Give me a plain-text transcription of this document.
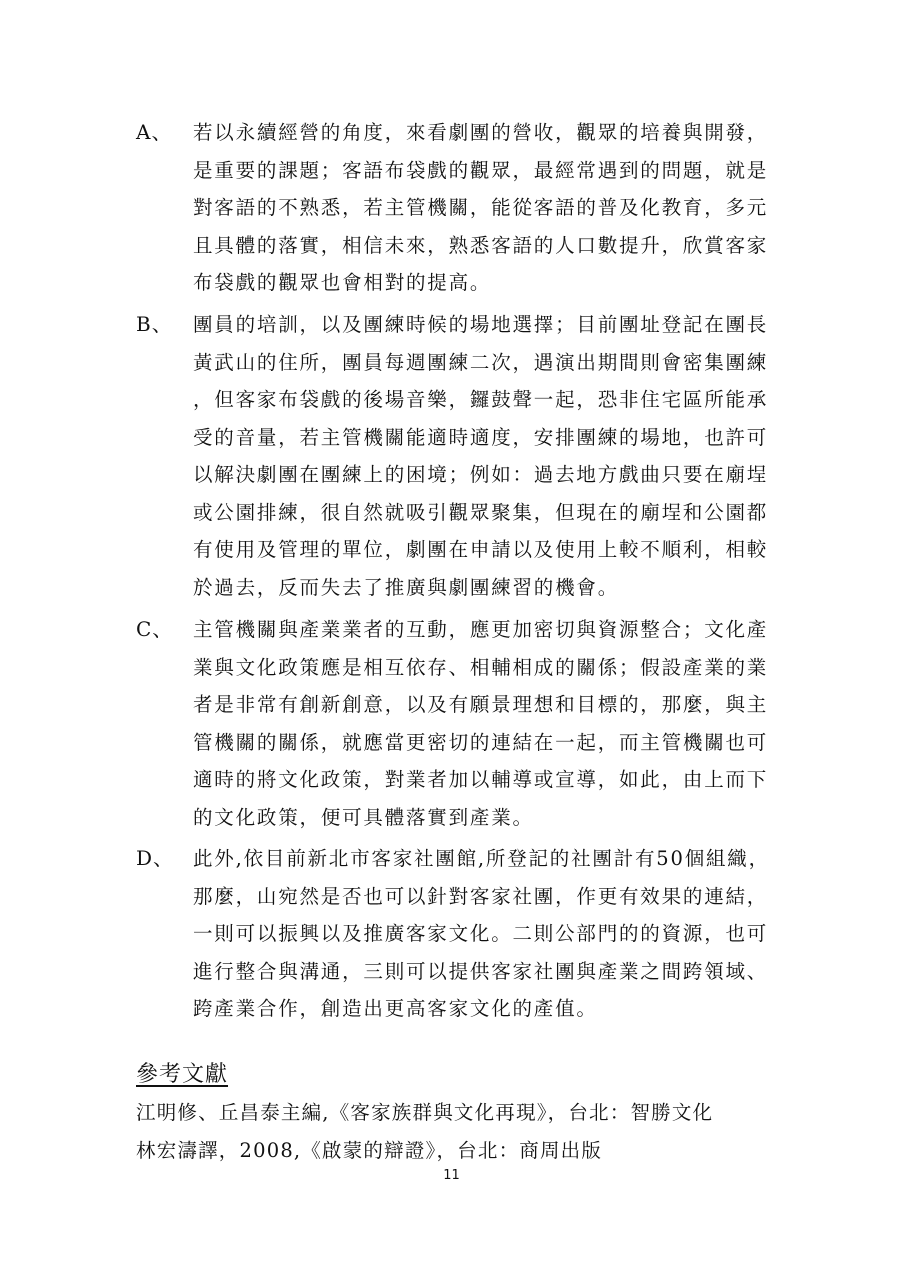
A、 若以永續經營的角度，來看劇團的營收，觀眾的培養與開發，
是重要的課題；客語布袋戲的觀眾，最經常遇到的問題，就是
對客語的不熟悉，若主管機關，能從客語的普及化教育，多元
且具體的落實，相信未來，熟悉客語的人口數提升，欣賞客家
布袋戲的觀眾也會相對的提高。
B、 團員的培訓，以及團練時候的場地選擇；目前團址登記在團長
黃武山的住所，團員每週團練二次，遇演出期間則會密集團練
，但客家布袋戲的後場音樂，鑼鼓聲一起，恐非住宅區所能承
受的音量，若主管機關能適時適度，安排團練的場地，也許可
以解決劇團在團練上的困境；例如：過去地方戲曲只要在廟埕
或公園排練，很自然就吸引觀眾聚集，但現在的廟埕和公園都
有使用及管理的單位，劇團在申請以及使用上較不順利，相較
於過去，反而失去了推廣與劇團練習的機會。
C、 主管機關與產業業者的互動，應更加密切與資源整合；文化產
業與文化政策應是相互依存、相輔相成的關係；假設產業的業
者是非常有創新創意，以及有願景理想和目標的，那麼，與主
管機關的關係，就應當更密切的連結在一起，而主管機關也可
適時的將文化政策，對業者加以輔導或宣導，如此，由上而下
的文化政策，便可具體落實到產業。
D、 此外,依目前新北市客家社團館,所登記的社團計有50個組織，
那麼，山宛然是否也可以針對客家社團，作更有效果的連結，
一則可以振興以及推廣客家文化。二則公部門的的資源，也可
進行整合與溝通，三則可以提供客家社團與產業之間跨領域、
跨產業合作，創造出更高客家文化的產值。
參考文獻
江明修、丘昌泰主編,《客家族群與文化再現》，台北：智勝文化
林宏濤譯，2008,《啟蒙的辯證》，台北：商周出版
11
